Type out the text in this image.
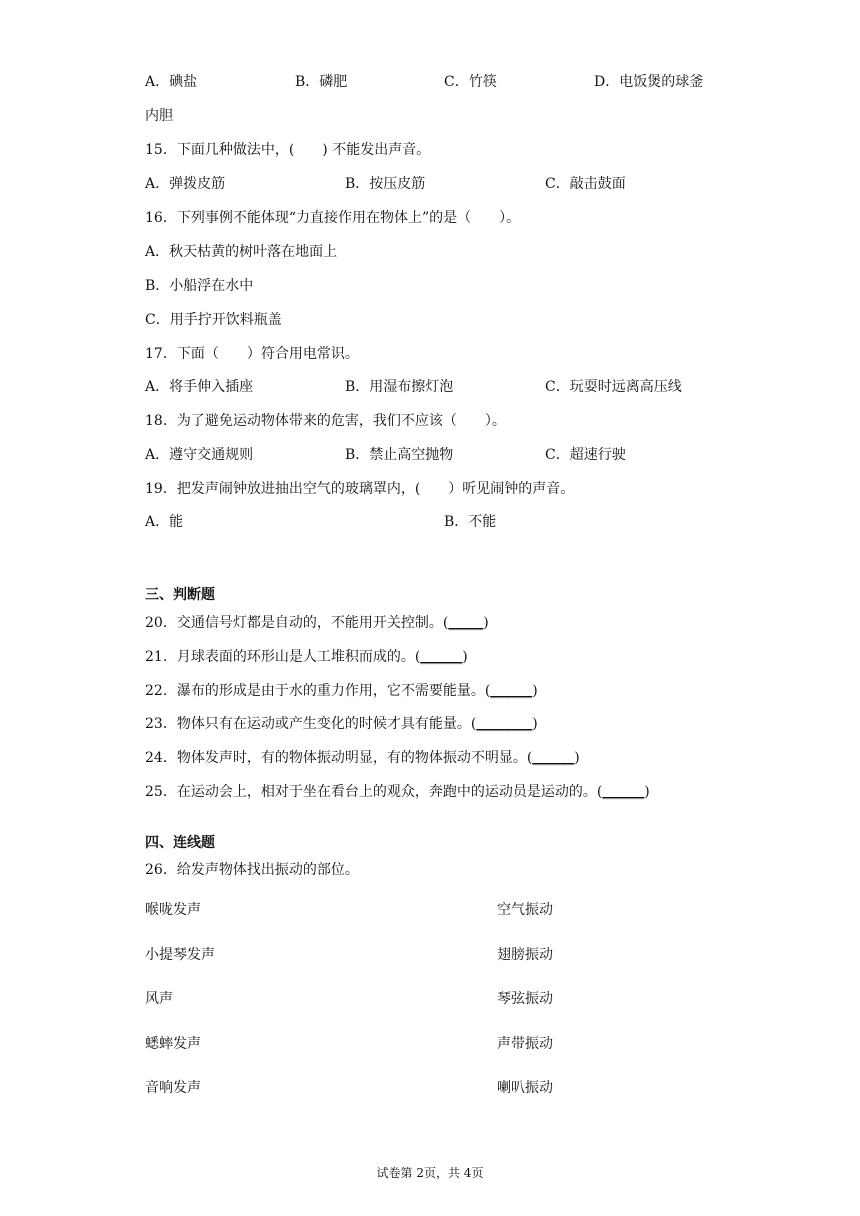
A．碘盐	B．磷肥	C．竹筷	D．电饭煲的球釜
内胆
15．下面几种做法中，(　　) 不能发出声音。
A．弹拨皮筋	B．按压皮筋	C．敲击鼓面
16．下列事例不能体现“力直接作用在物体上”的是（　　）。
A．秋天枯黄的树叶落在地面上
B．小船浮在水中
C．用手拧开饮料瓶盖
17．下面（　　）符合用电常识。
A．将手伸入插座	B．用湿布擦灯泡	C．玩耍时远离高压线
18．为了避免运动物体带来的危害，我们不应该（　　）。
A．遵守交通规则	B．禁止高空抛物	C．超速行驶
19．把发声闹钟放进抽出空气的玻璃罩内，(　　）听见闹钟的声音。
A．能	B．不能
三、判断题
20．交通信号灯都是自动的，不能用开关控制。(_____)
21．月球表面的环形山是人工堆积而成的。(______)
22．瀑布的形成是由于水的重力作用，它不需要能量。(______)
23．物体只有在运动或产生变化的时候才具有能量。(________)
24．物体发声时，有的物体振动明显，有的物体振动不明显。(______)
25．在运动会上，相对于坐在看台上的观众，奔跑中的运动员是运动的。(______)
四、连线题
26．给发声物体找出振动的部位。
喉咙发声
小提琴发声
风声
蟋蟀发声
音响发声
空气振动
翅膀振动
琴弦振动
声带振动
喇叭振动
试卷第 2页，共 4页
